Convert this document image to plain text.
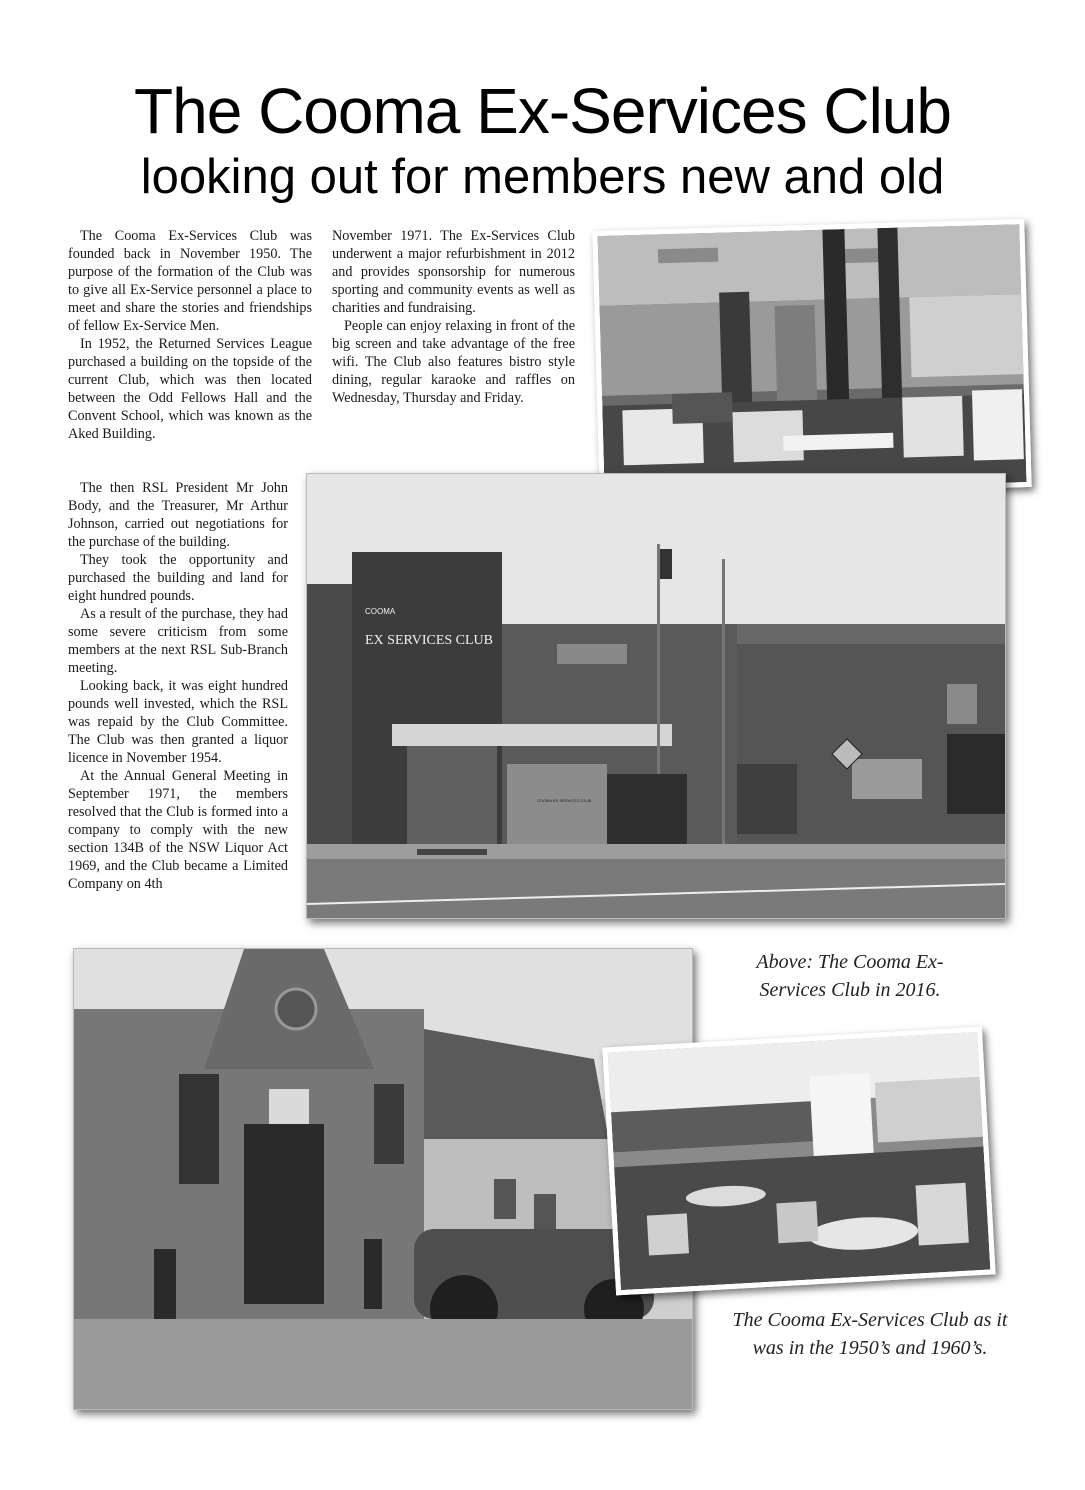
The Cooma Ex-Services Club
looking out for members new and old

The Cooma Ex-Services Club was founded back in November 1950. The purpose of the formation of the Club was to give all Ex-Service personnel a place to meet and share the stories and friendships of fellow Ex-Service Men.

In 1952, the Returned Services League purchased a building on the topside of the current Club, which was then located between the Odd Fellows Hall and the Convent School, which was known as the Aked Building.

The then RSL President Mr John Body, and the Treasurer, Mr Arthur Johnson, carried out negotiations for the purchase of the building.

They took the opportunity and purchased the building and land for eight hundred pounds.

As a result of the purchase, they had some severe criticism from some members at the next RSL Sub-Branch meeting.

Looking back, it was eight hundred pounds well invested, which the RSL was repaid by the Club Committee. The Club was then granted a liquor licence in November 1954.

At the Annual General Meeting in September 1971, the members resolved that the Club is formed into a company to comply with the new section 134B of the NSW Liquor Act 1969, and the Club became a Limited Company on 4th

November 1971. The Ex-Services Club underwent a major refurbishment in 2012 and provides sponsorship for numerous sporting and community events as well as charities and fundraising.

People can enjoy relaxing in front of the big screen and take advantage of the free wifi. The Club also features bistro style dining, regular karaoke and raffles on Wednesday, Thursday and Friday.

COOMA
EX SERVICES CLUB
COOMA EX SERVICES CLUB
Above: The Cooma Ex-Services Club in 2016.
The Cooma Ex-Services Club as it was in the 1950’s and 1960’s.
